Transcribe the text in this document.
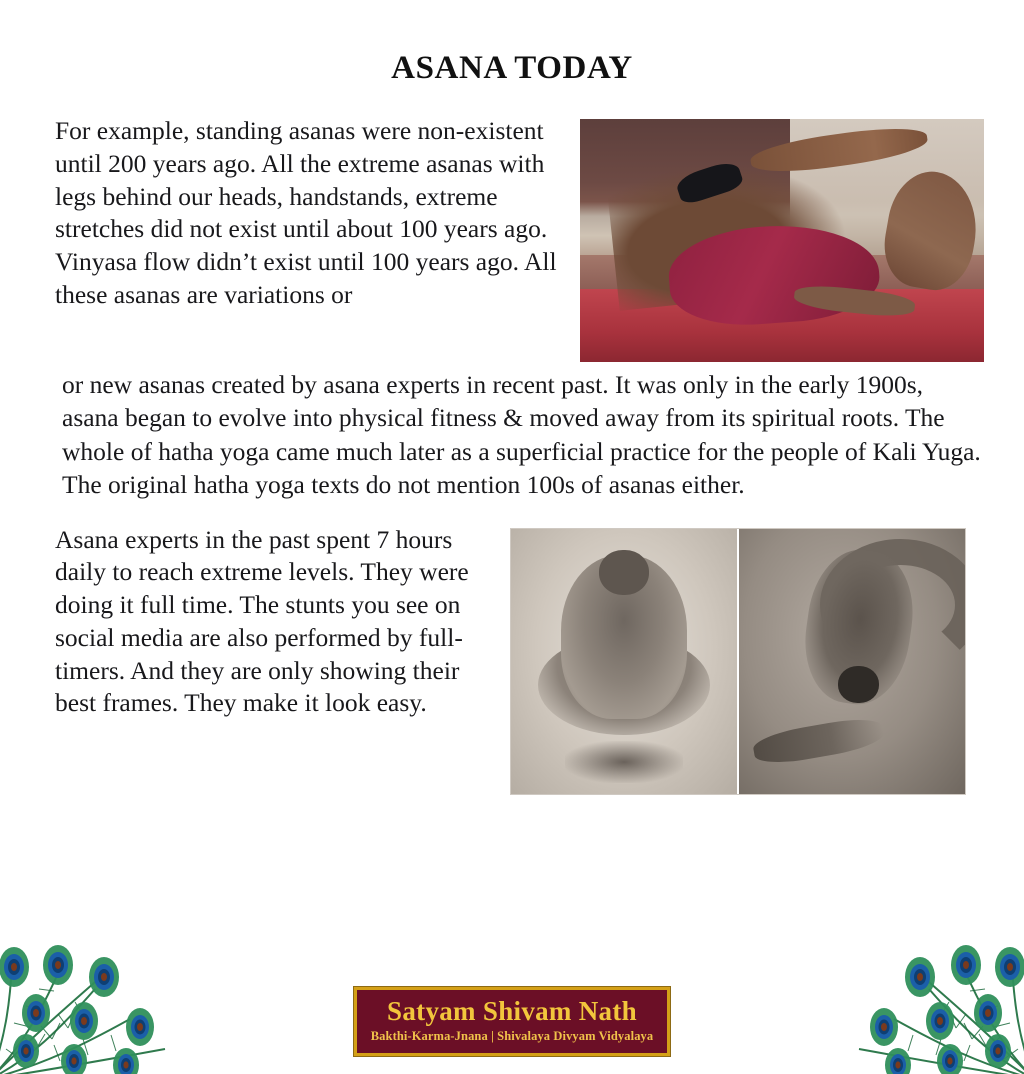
ASANA TODAY

For example, standing asanas were non-existent until 200 years ago. All the extreme asanas with legs behind our heads, handstands, extreme stretches did not exist until about 100 years ago. Vinyasa flow didn’t exist until 100 years ago. All these asanas are variations or

or new asanas created by asana experts in recent past. It was only in the early 1900s, asana began to evolve into physical fitness & moved away from its spiritual roots. The whole of hatha yoga came much later as a superficial practice for the people of Kali Yuga. The original hatha yoga texts do not mention 100s of asanas either.

Asana experts in the past spent 7 hours daily to reach extreme levels. They were doing it full time. The stunts you see on social media are also performed by full-timers. And they are only showing their best frames. They make it look easy.

Satyam Shivam Nath
Bakthi-Karma-Jnana | Shivalaya Divyam Vidyalaya
